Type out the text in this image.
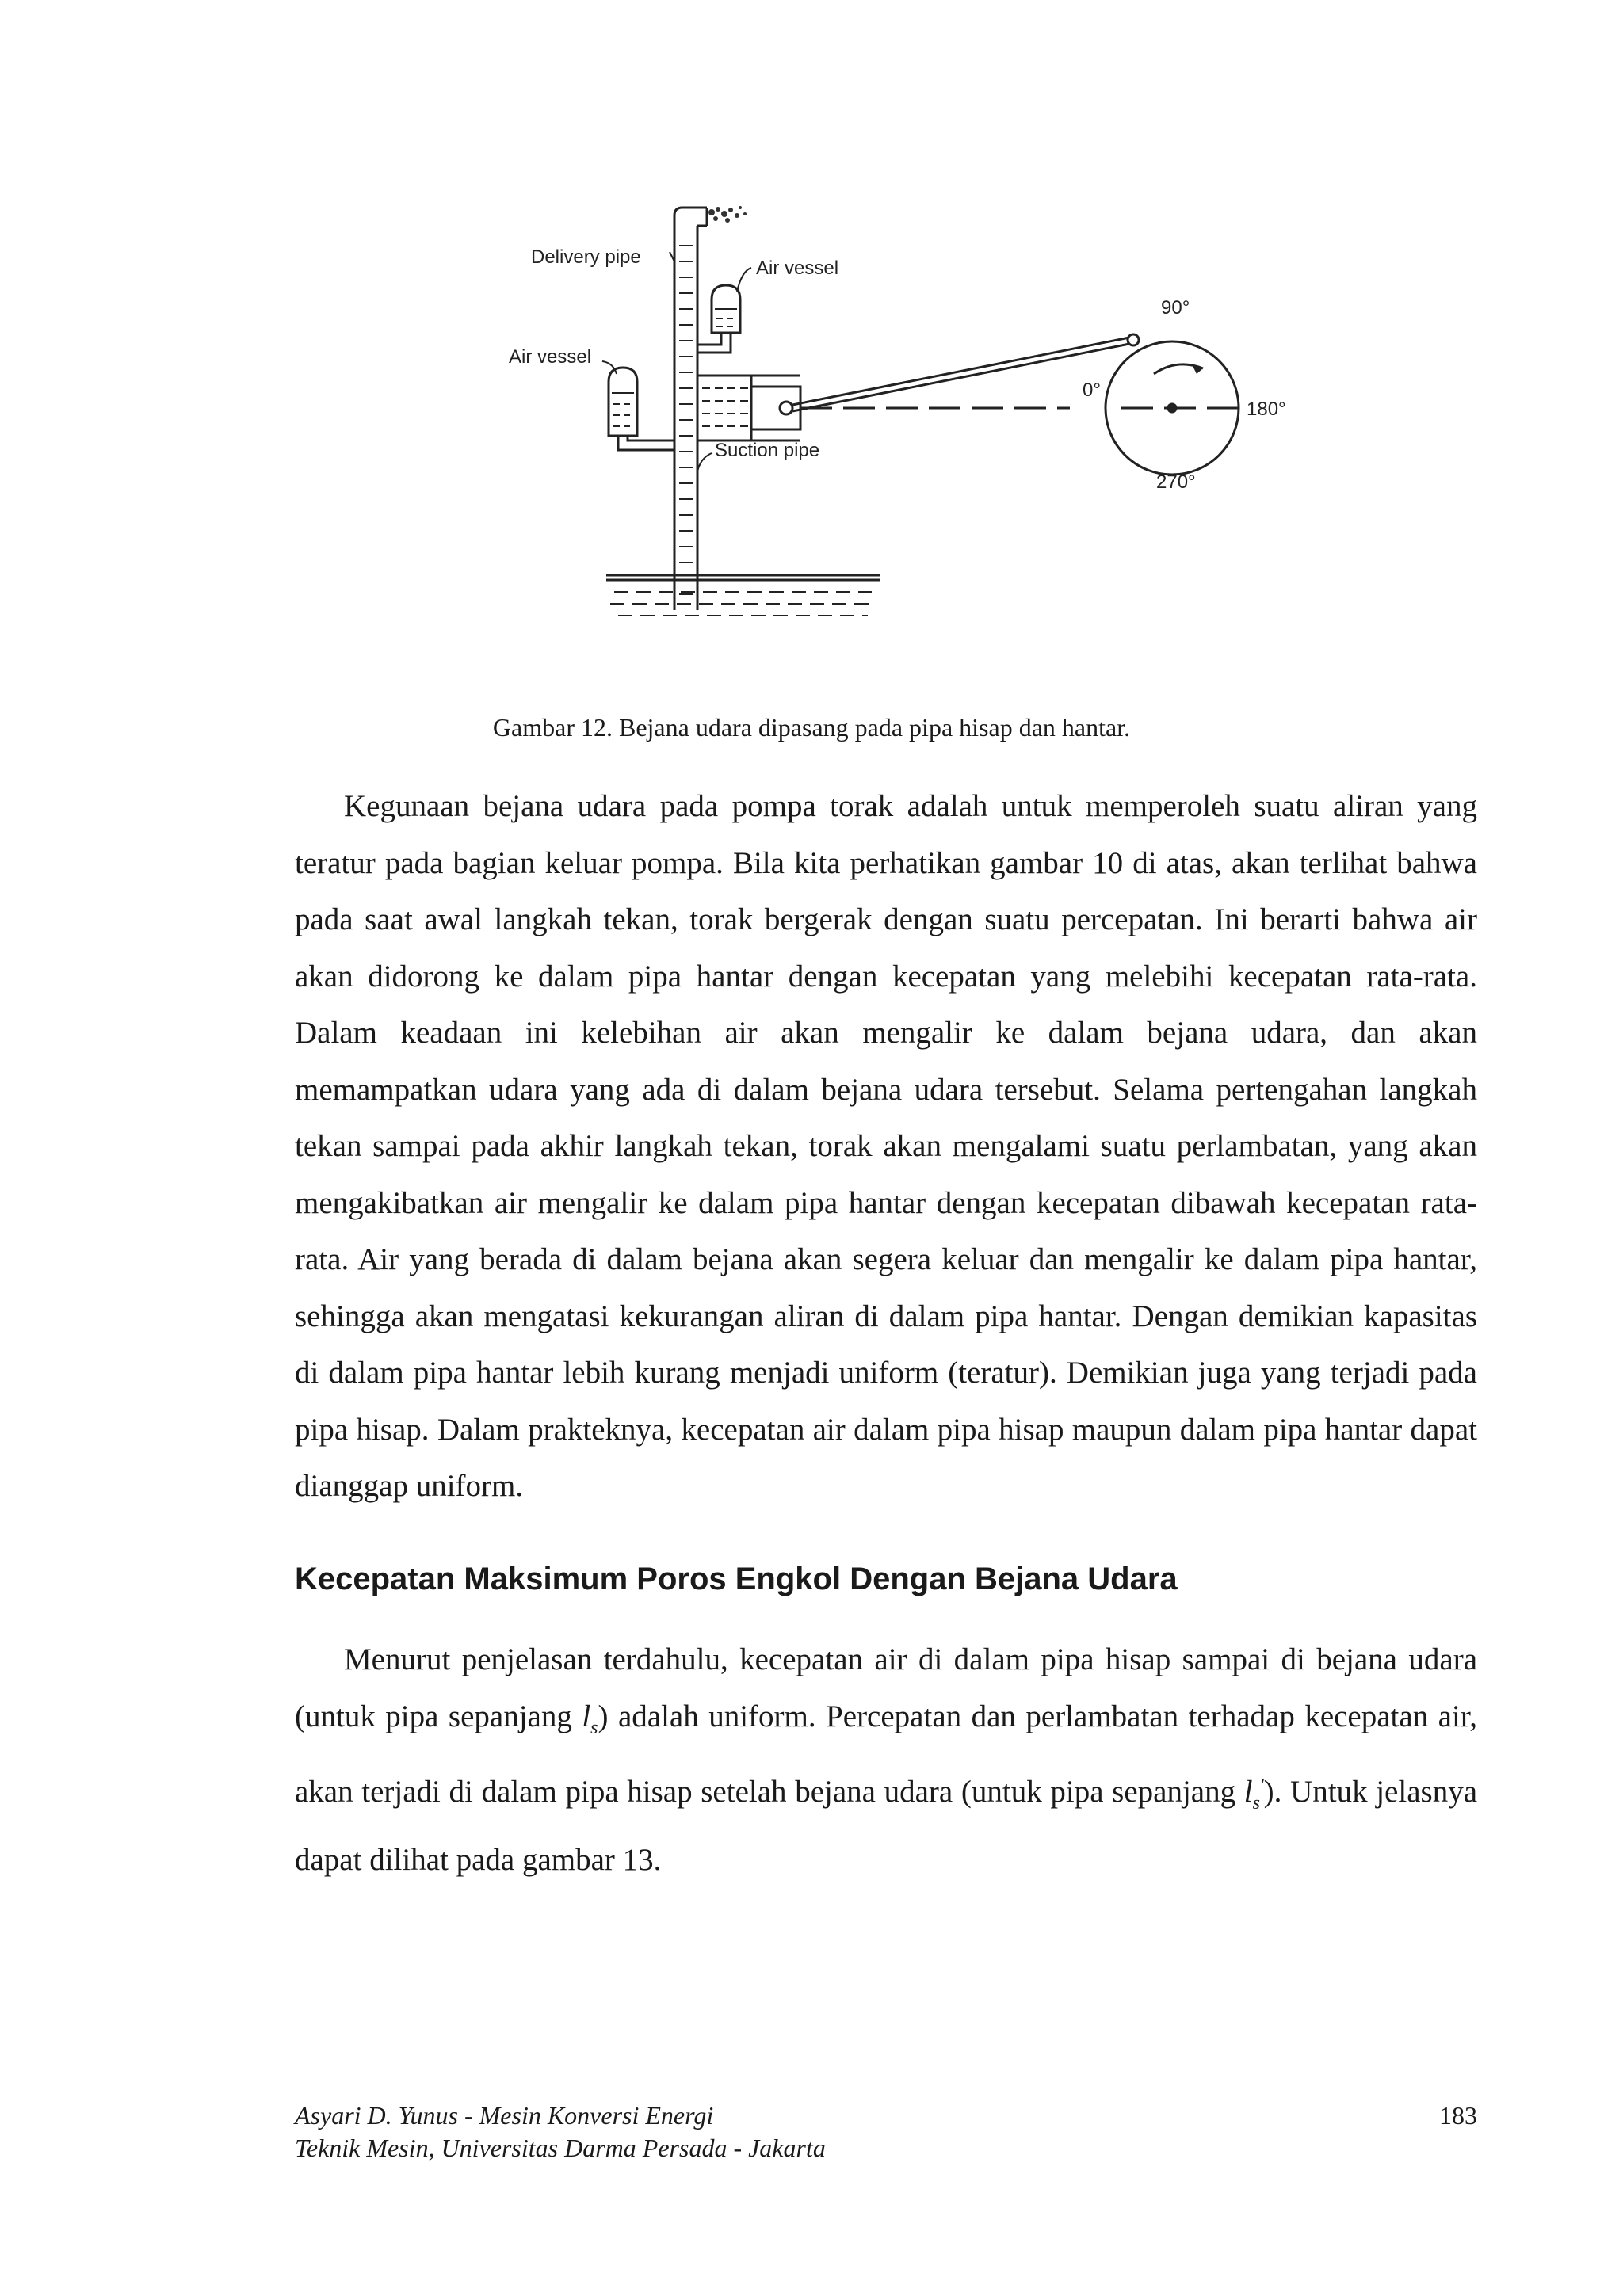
Delivery pipe
Air vessel
Air vessel
Suction pipe
90°
0°
180°
270°
Gambar 12. Bejana udara dipasang pada pipa hisap dan hantar.

Kegunaan bejana udara pada pompa torak adalah untuk memperoleh suatu aliran yang teratur pada bagian keluar pompa. Bila kita perhatikan gambar 10 di atas, akan terlihat bahwa pada saat awal langkah tekan, torak bergerak dengan suatu percepatan. Ini berarti bahwa air akan didorong ke dalam pipa hantar dengan kecepatan yang melebihi kecepatan rata-rata. Dalam keadaan ini kelebihan air akan mengalir ke dalam bejana udara, dan akan memampatkan udara yang ada di dalam bejana udara tersebut. Selama pertengahan langkah tekan sampai pada akhir langkah tekan, torak akan mengalami suatu perlambatan, yang akan mengakibatkan air mengalir ke dalam pipa hantar dengan kecepatan dibawah kecepatan rata-rata. Air yang berada di dalam bejana akan segera keluar dan mengalir ke dalam pipa hantar, sehingga akan mengatasi kekurangan aliran di dalam pipa hantar. Dengan demikian kapasitas di dalam pipa hantar lebih kurang menjadi uniform (teratur). Demikian juga yang terjadi pada pipa hisap. Dalam prakteknya, kecepatan air dalam pipa hisap maupun dalam pipa hantar dapat dianggap uniform.

Kecepatan Maksimum Poros Engkol Dengan Bejana Udara

Menurut penjelasan terdahulu, kecepatan air di dalam pipa hisap sampai di bejana udara (untuk pipa sepanjang $l_s$) adalah uniform. Percepatan dan perlambatan terhadap kecepatan air, akan terjadi di dalam pipa hisap setelah bejana udara (untuk pipa sepanjang $l_s'$). Untuk jelasnya dapat dilihat pada gambar 13.

Asyari D. Yunus - Mesin Konversi Energi
Teknik Mesin, Universitas Darma Persada - Jakarta
183
